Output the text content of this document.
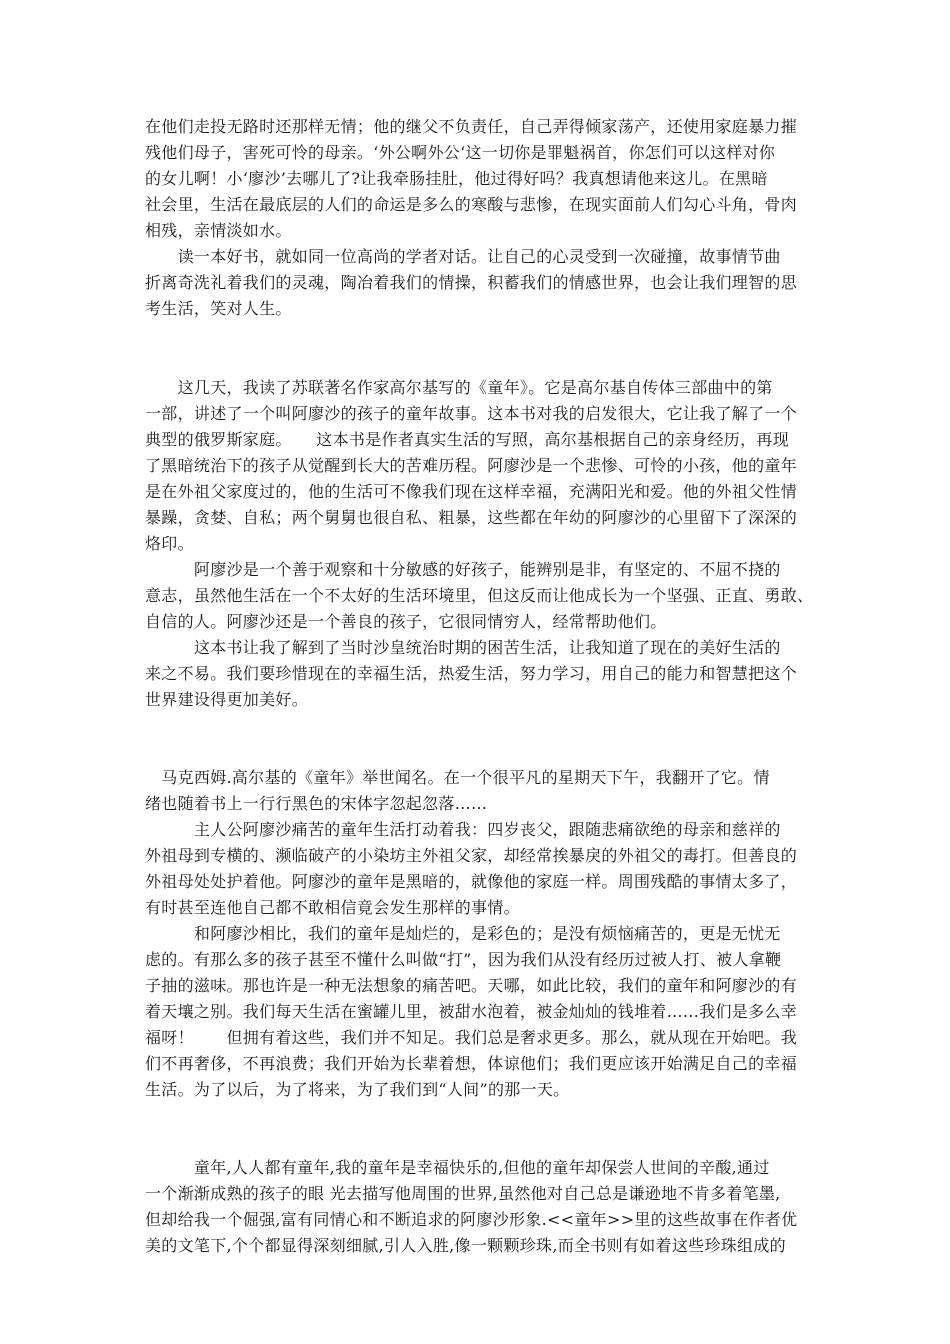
在他们走投无路时还那样无情；他的继父不负责任，自己弄得倾家荡产，还使用家庭暴力摧
残他们母子，害死可怜的母亲。‘外公啊外公‘这一切你是罪魁祸首，你怎们可以这样对你
的女儿啊！小‘廖沙’去哪儿了?让我牵肠挂肚，他过得好吗？我真想请他来这儿。在黑暗
社会里，生活在最底层的人们的命运是多么的寒酸与悲惨，在现实面前人们勾心斗角，骨肉
相残，亲情淡如水。
　　读一本好书，就如同一位高尚的学者对话。让自己的心灵受到一次碰撞，故事情节曲
折离奇洗礼着我们的灵魂，陶冶着我们的情操，积蓄我们的情感世界，也会让我们理智的思
考生活，笑对人生。
　　这几天，我读了苏联著名作家高尔基写的《童年》。它是高尔基自传体三部曲中的第
一部，讲述了一个叫阿廖沙的孩子的童年故事。这本书对我的启发很大，它让我了解了一个
典型的俄罗斯家庭。　　这本书是作者真实生活的写照，高尔基根据自己的亲身经历，再现
了黑暗统治下的孩子从觉醒到长大的苦难历程。阿廖沙是一个悲惨、可怜的小孩，他的童年
是在外祖父家度过的，他的生活可不像我们现在这样幸福，充满阳光和爱。他的外祖父性情
暴躁，贪婪、自私；两个舅舅也很自私、粗暴，这些都在年幼的阿廖沙的心里留下了深深的
烙印。
　　　阿廖沙是一个善于观察和十分敏感的好孩子，能辨别是非，有坚定的、不屈不挠的
意志，虽然他生活在一个不太好的生活环境里，但这反而让他成长为一个坚强、正直、勇敢、
自信的人。阿廖沙还是一个善良的孩子，它很同情穷人，经常帮助他们。
　　　这本书让我了解到了当时沙皇统治时期的困苦生活，让我知道了现在的美好生活的
来之不易。我们要珍惜现在的幸福生活，热爱生活，努力学习，用自己的能力和智慧把这个
世界建设得更加美好。
　马克西姆.高尔基的《童年》举世闻名。在一个很平凡的星期天下午，我翻开了它。情
绪也随着书上一行行黑色的宋体字忽起忽落……
　　　主人公阿廖沙痛苦的童年生活打动着我：四岁丧父，跟随悲痛欲绝的母亲和慈祥的
外祖母到专横的、濒临破产的小染坊主外祖父家，却经常挨暴戾的外祖父的毒打。但善良的
外祖母处处护着他。阿廖沙的童年是黑暗的，就像他的家庭一样。周围残酷的事情太多了，
有时甚至连他自己都不敢相信竟会发生那样的事情。
　　　和阿廖沙相比，我们的童年是灿烂的，是彩色的；是没有烦恼痛苦的，更是无忧无
虑的。有那么多的孩子甚至不懂什么叫做“打”，因为我们从没有经历过被人打、被人拿鞭
子抽的滋味。那也许是一种无法想象的痛苦吧。天哪，如此比较，我们的童年和阿廖沙的有
着天壤之别。我们每天生活在蜜罐儿里，被甜水泡着，被金灿灿的钱堆着……我们是多么幸
福呀！　　但拥有着这些，我们并不知足。我们总是奢求更多。那么，就从现在开始吧。我
们不再奢侈，不再浪费；我们开始为长辈着想，体谅他们；我们更应该开始满足自己的幸福
生活。为了以后，为了将来，为了我们到“人间”的那一天。
　　　童年,人人都有童年,我的童年是幸福快乐的,但他的童年却保尝人世间的辛酸,通过
一个渐渐成熟的孩子的眼 光去描写他周围的世界,虽然他对自己总是谦逊地不肯多着笔墨,
但却给我一个倔强,富有同情心和不断追求的阿廖沙形象.<<童年>>里的这些故事在作者优
美的文笔下,个个都显得深刻细腻,引人入胜,像一颗颗珍珠,而全书则有如着这些珍珠组成的
